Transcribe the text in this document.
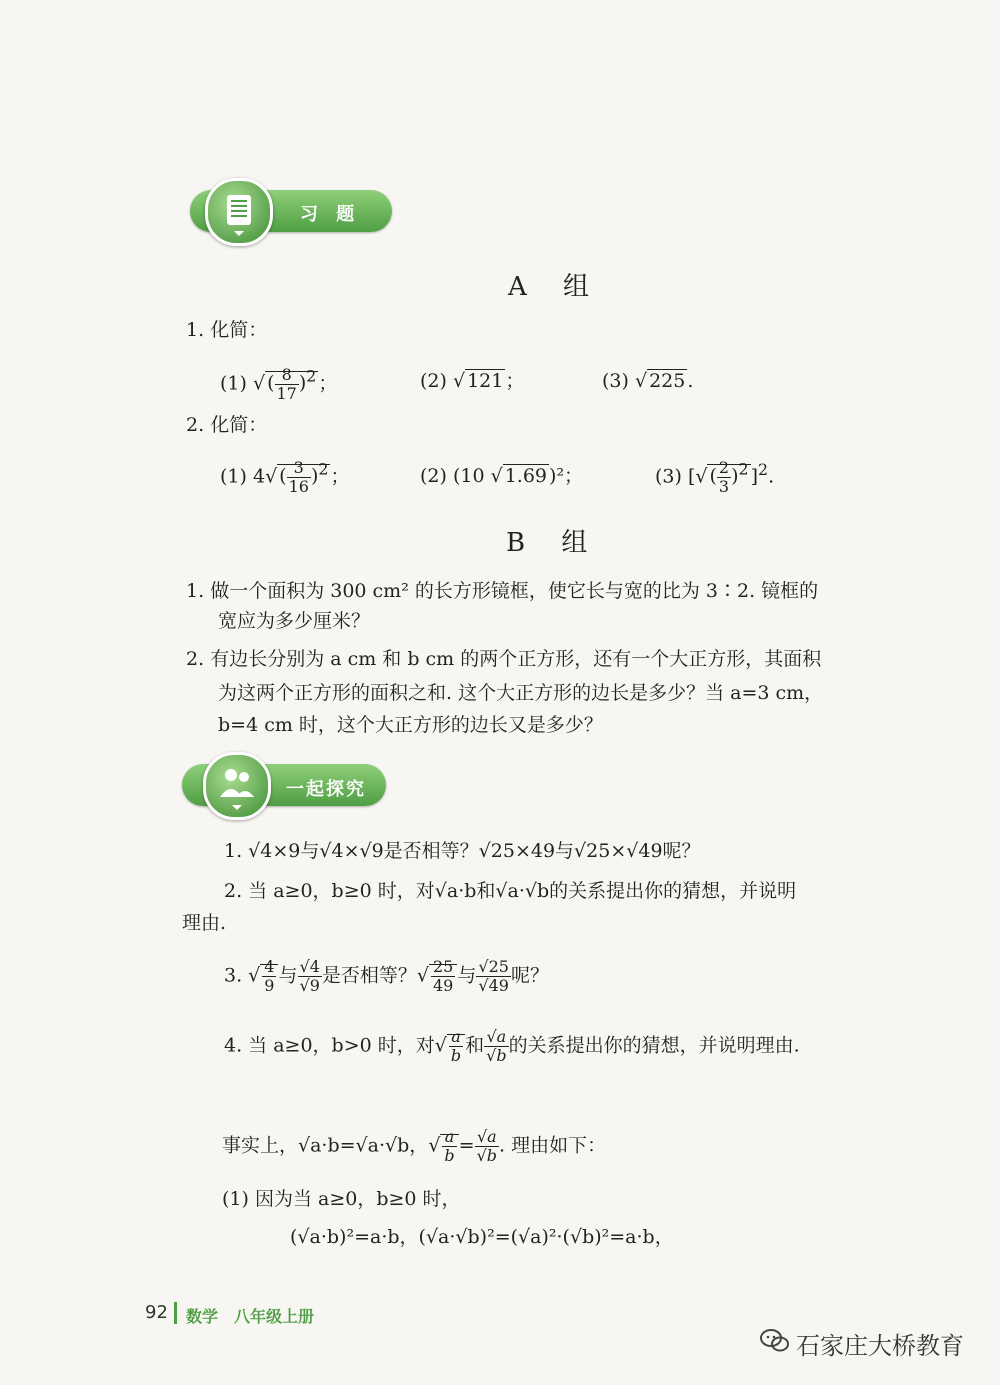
习 题
A 组
1. 化简：
(1) √ ( $\frac{8}{17} )^2$ ；	(2) √ 121 ；	(3) √ 225 .
2. 化简：
(1) 4√ ( $\frac{3}{16} )^2$ ；	(2) (10 √ 1.69 )²；	(3) [√ ( $\frac{2}{3} )^2$ ]$^2$.
B 组
1. 做一个面积为 300 cm² 的长方形镜框，使它长与宽的比为 3∶2. 镜框的
宽应为多少厘米？
2. 有边长分别为 a cm 和 b cm 的两个正方形，还有一个大正方形，其面积
为这两个正方形的面积之和. 这个大正方形的边长是多少？当 a=3 cm，
b=4 cm 时，这个大正方形的边长又是多少？
一起探究
1. √4×9与√4×√9是否相等？√25×49与√25×√49呢？
2. 当 a≥0，b≥0 时，对√a·b和√a·√b的关系提出你的猜想，并说明
理由.
3. √ $\frac{4}{9}$ 与 $\frac{√4}{√9}$ 是否相等？√ $\frac{25}{49}$ 与 $\frac{√25}{√49}$ 呢？
4. 当 a≥0，b>0 时，对√ $\frac{a}{b}$ 和 $\frac{√a}{√b}$ 的关系提出你的猜想，并说明理由.
事实上，√a·b=√a·√b，√ $\frac{a}{b} = \frac{√a}{√b}$ . 理由如下：
(1) 因为当 a≥0，b≥0 时，
(√a·b)²=a·b，(√a·√b)²=(√a)²·(√b)²=a·b，
92 数学　八年级上册
石家庄大桥教育
